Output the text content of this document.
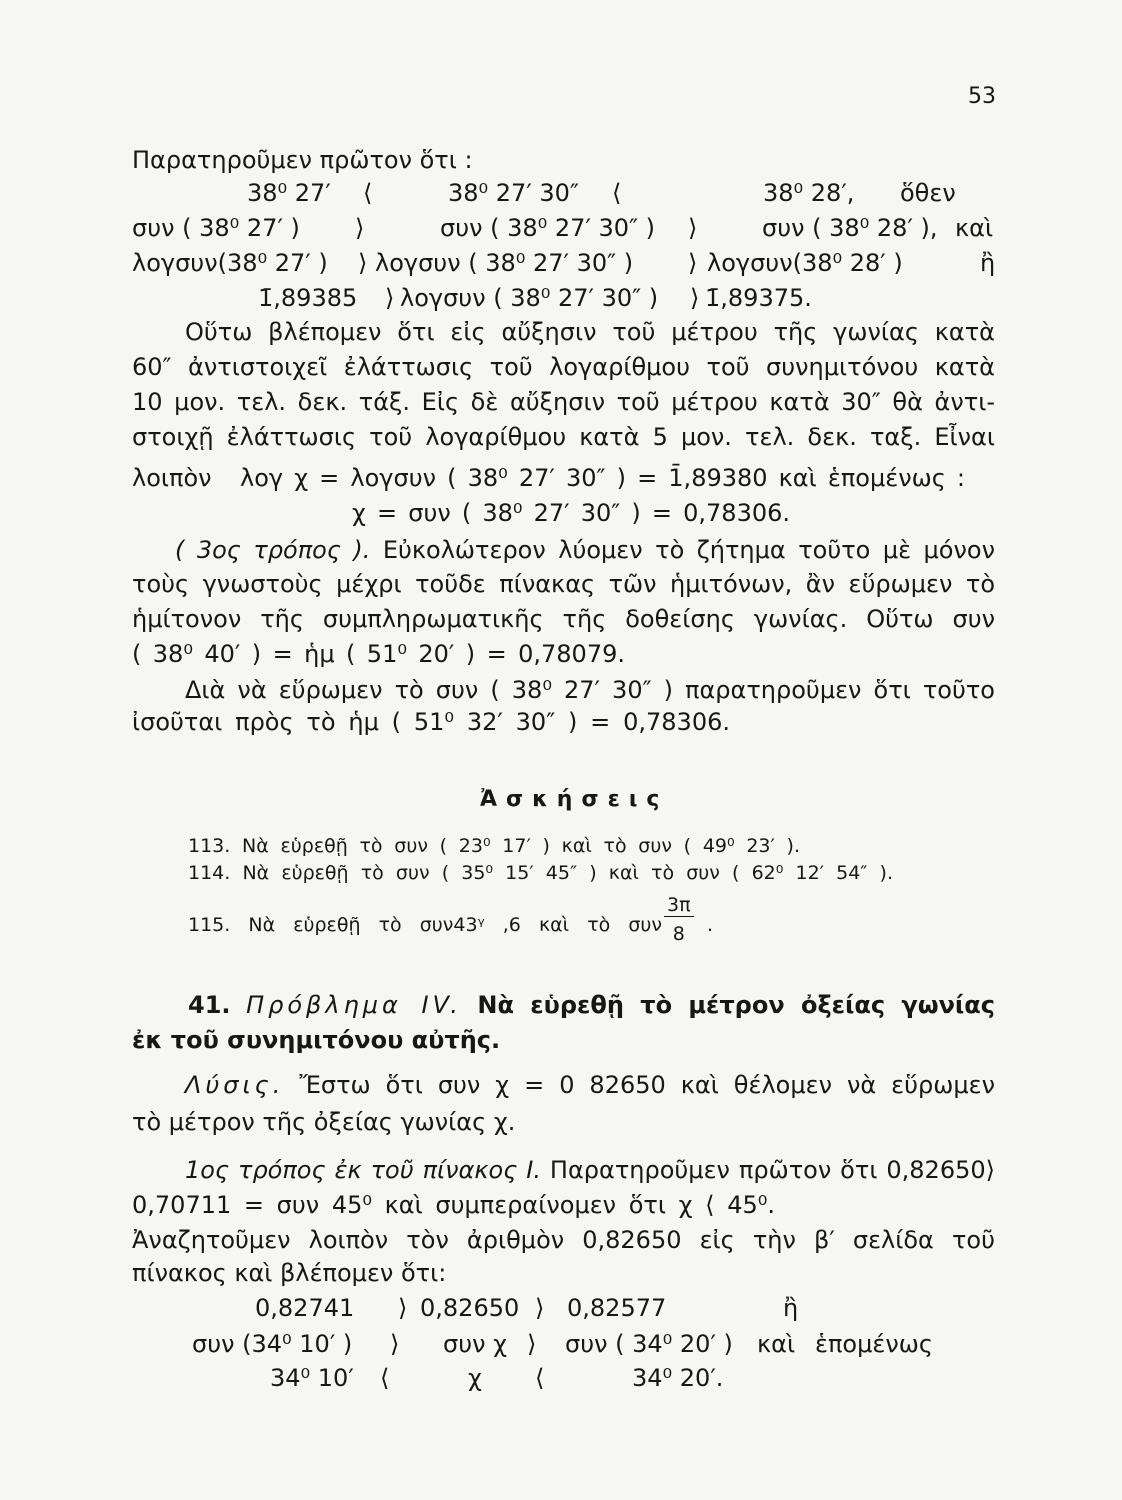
53
Παρατηροῦμεν πρῶτον ὅτι :
38⁰ 27′ ⟨	38⁰ 27′ 30″ ⟨	38⁰ 28′, ὅθεν
συν ( 38⁰ 27′ ) ⟩	συν ( 38⁰ 27′ 30″ ) ⟩	συν ( 38⁰ 28′ ), καὶ
λογσυν(38⁰ 27′ ) ⟩ λογσυν ( 38⁰ 27′ 30″ ) ⟩ λογσυν(38⁰ 28′ )	ἢ
1̄,89385 ⟩ λογσυν ( 38⁰ 27′ 30″ ) ⟩ 1̄,89375.
Οὕτω βλέπομεν ὅτι εἰς αὔξησιν τοῦ μέτρου τῆς γωνίας κατὰ
60″ ἀντιστοιχεῖ ἐλάττωσις τοῦ λογαρίθμου τοῦ συνημιτόνου κατὰ
10 μον. τελ. δεκ. τάξ. Εἰς δὲ αὔξησιν τοῦ μέτρου κατὰ 30″ θὰ ἀντι-
στοιχῇ ἐλάττωσις τοῦ λογαρίθμου κατὰ 5 μον. τελ. δεκ. ταξ. Εἶναι
λοιπὸν λογ χ = λογσυν ( 38⁰ 27′ 30″ ) = 1̄,89380 καὶ ἑπομένως :
χ = συν ( 38⁰ 27′ 30″ ) = 0,78306.
( 3ος τρόπος ). Εὐκολώτερον λύομεν τὸ ζήτημα τοῦτο μὲ μόνον
τοὺς γνωστοὺς μέχρι τοῦδε πίνακας τῶν ἡμιτόνων, ἂν εὕρωμεν τὸ
ἡμίτονον τῆς συμπληρωματικῆς τῆς δοθείσης γωνίας. Οὕτω συν
( 38⁰ 40′ ) = ἡμ ( 51⁰ 20′ ) = 0,78079.
Διὰ νὰ εὕρωμεν τὸ συν ( 38⁰ 27′ 30″ ) παρατηροῦμεν ὅτι τοῦτο
ἰσοῦται πρὸς τὸ ἡμ ( 51⁰ 32′ 30″ ) = 0,78306.
Ἀσκήσεις
113. Νὰ εὑρεθῇ τὸ συν ( 23⁰ 17′ ) καὶ τὸ συν ( 49⁰ 23′ ).
114. Νὰ εὑρεθῇ τὸ συν ( 35⁰ 15′ 45″ ) καὶ τὸ συν ( 62⁰ 12′ 54″ ).
115. Νὰ εὑρεθῇ τὸ συν43ᵞ ,6 καὶ τὸ συν $\frac{3\pi}{8}$ .
41. Πρόβλημα IV. Νὰ εὑρεθῇ τὸ μέτρον ὀξείας γωνίας
ἐκ τοῦ συνημιτόνου αὐτῆς.
Λύσις. Ἔστω ὅτι συν χ = 0 82650 καὶ θέλομεν νὰ εὕρωμεν
τὸ μέτρον τῆς ὀξείας γωνίας χ.
1ος τρόπος ἐκ τοῦ πίνακος I. Παρατηροῦμεν πρῶτον ὅτι 0,82650⟩
0,70711 = συν 45⁰ καὶ συμπεραίνομεν ὅτι χ ⟨ 45⁰.
Ἀναζητοῦμεν λοιπὸν τὸν ἀριθμὸν 0,82650 εἰς τὴν β′ σελίδα τοῦ
πίνακος καὶ βλέπομεν ὅτι:
0,82741 ⟩ 0,82650 ⟩ 0,82577	ἢ
συν (34⁰ 10′ ) ⟩ συν χ ⟩ συν ( 34⁰ 20′ ) καὶ ἑπομένως
34⁰ 10′ ⟨	χ ⟨	34⁰ 20′.
